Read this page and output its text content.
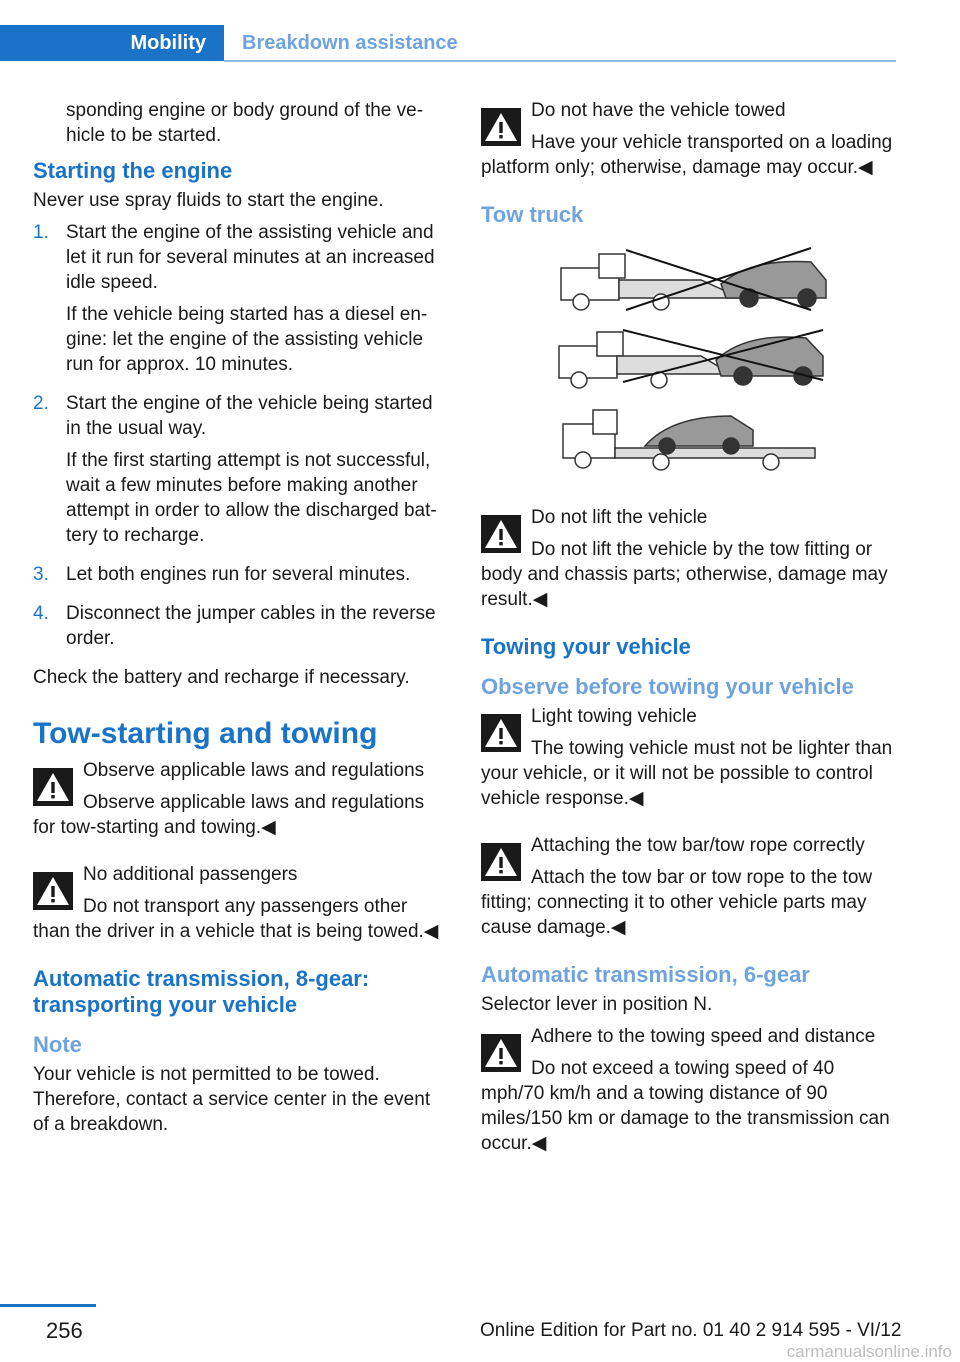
Mobility	Breakdown assistance

sponding engine or body ground of the ve-hicle to be started.

Starting the engine

Never use spray fluids to start the engine.

1. Start the engine of the assisting vehicle and let it run for several minutes at an increased idle speed.

If the vehicle being started has a diesel en-gine: let the engine of the assisting vehicle run for approx. 10 minutes.

2. Start the engine of the vehicle being started in the usual way.

If the first starting attempt is not successful, wait a few minutes before making another attempt in order to allow the discharged bat-tery to recharge.

3. Let both engines run for several minutes.

4. Disconnect the jumper cables in the reverse order.

Check the battery and recharge if necessary.

Tow-starting and towing
Observe applicable laws and regulations
Observe applicable laws and regulations for tow-starting and towing.◀
No additional passengers
Do not transport any passengers other than the driver in a vehicle that is being towed.◀
Automatic transmission, 8-gear: transporting your vehicle
Note

Your vehicle is not permitted to be towed. Therefore, contact a service center in the event of a breakdown.

Do not have the vehicle towed
Have your vehicle transported on a loading platform only; otherwise, damage may occur.◀
Tow truck
Do not lift the vehicle
Do not lift the vehicle by the tow fitting or body and chassis parts; otherwise, damage may result.◀
Towing your vehicle
Observe before towing your vehicle
Light towing vehicle
The towing vehicle must not be lighter than your vehicle, or it will not be possible to control vehicle response.◀
Attaching the tow bar/tow rope correctly
Attach the tow bar or tow rope to the tow fitting; connecting it to other vehicle parts may cause damage.◀
Automatic transmission, 6-gear

Selector lever in position N.

Adhere to the towing speed and distance
Do not exceed a towing speed of 40 mph/70 km/h and a towing distance of 90 miles/150 km or damage to the transmission can occur.◀
256	Online Edition for Part no. 01 40 2 914 595 - VI/12
carmanualsonline.info
